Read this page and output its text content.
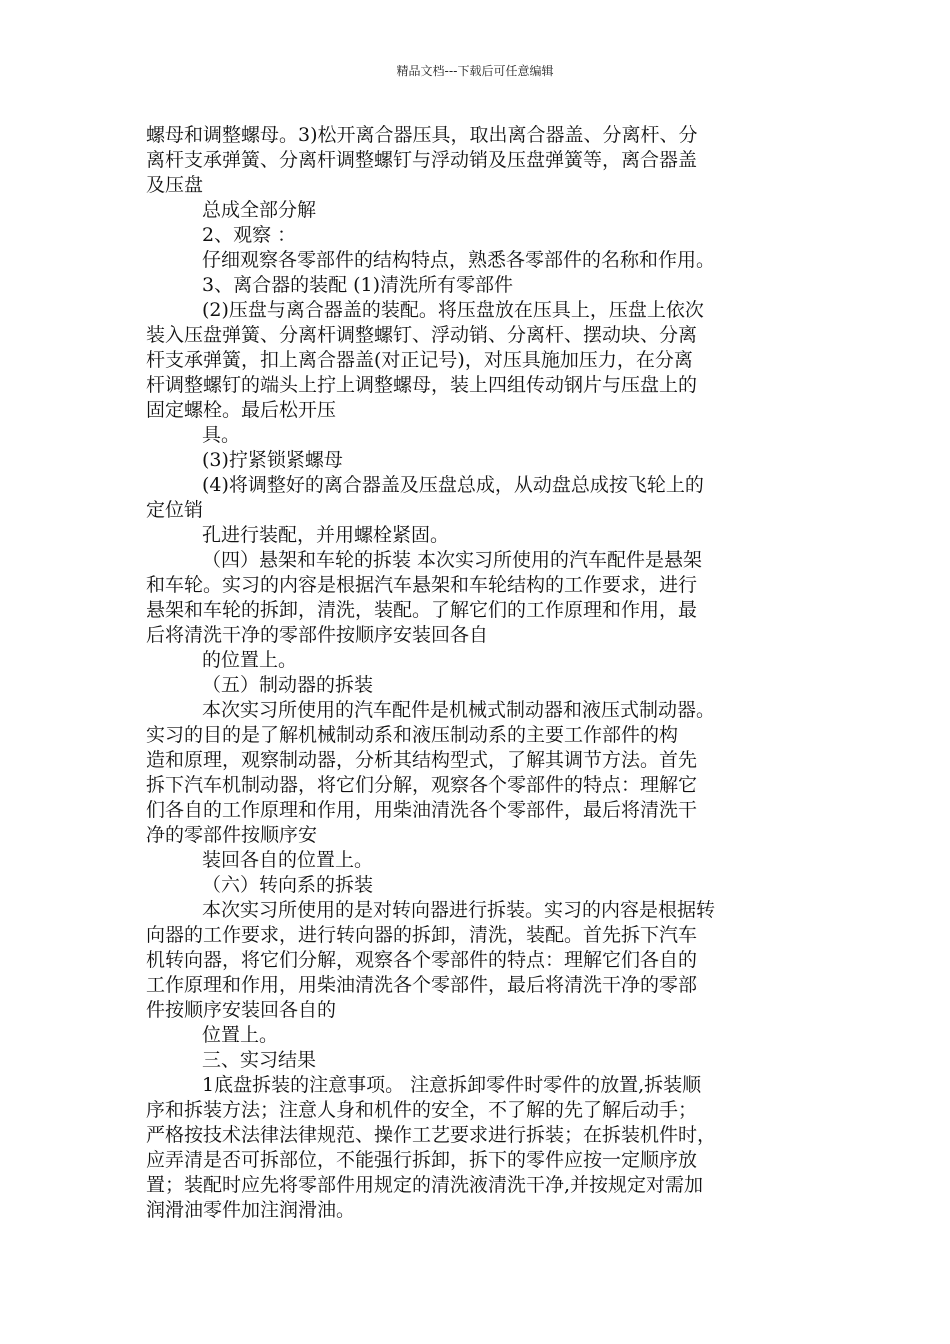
精品文档---下载后可任意编辑
螺母和调整螺母。3)松开离合器压具，取出离合器盖、分离杆、分
离杆支承弹簧、分离杆调整螺钉与浮动销及压盘弹簧等，离合器盖
及压盘
总成全部分解
2、观察 ：
仔细观察各零部件的结构特点，熟悉各零部件的名称和作用。
3、离合器的装配 (1)清洗所有零部件
(2)压盘与离合器盖的装配。将压盘放在压具上，压盘上依次
装入压盘弹簧、分离杆调整螺钉、浮动销、分离杆、摆动块、分离
杆支承弹簧，扣上离合器盖(对正记号)，对压具施加压力，在分离
杆调整螺钉的端头上拧上调整螺母，装上四组传动钢片与压盘上的
固定螺栓。最后松开压
具。
(3)拧紧锁紧螺母
(4)将调整好的离合器盖及压盘总成，从动盘总成按飞轮上的
定位销
孔进行装配，并用螺栓紧固。
（四）悬架和车轮的拆装 本次实习所使用的汽车配件是悬架
和车轮。实习的内容是根据汽车悬架和车轮结构的工作要求，进行
悬架和车轮的拆卸，清洗，装配。了解它们的工作原理和作用，最
后将清洗干净的零部件按顺序安装回各自
的位置上。
（五）制动器的拆装
本次实习所使用的汽车配件是机械式制动器和液压式制动器。
实习的目的是了解机械制动系和液压制动系的主要工作部件的构
造和原理，观察制动器，分析其结构型式，了解其调节方法。首先
拆下汽车机制动器，将它们分解，观察各个零部件的特点：理解它
们各自的工作原理和作用，用柴油清洗各个零部件，最后将清洗干
净的零部件按顺序安
装回各自的位置上。
（六）转向系的拆装
本次实习所使用的是对转向器进行拆装。实习的内容是根据转
向器的工作要求，进行转向器的拆卸，清洗，装配。首先拆下汽车
机转向器，将它们分解，观察各个零部件的特点：理解它们各自的
工作原理和作用，用柴油清洗各个零部件，最后将清洗干净的零部
件按顺序安装回各自的
位置上。
三、实习结果
1底盘拆装的注意事项。 注意拆卸零件时零件的放置,拆装顺
序和拆装方法；注意人身和机件的安全，不了解的先了解后动手；
严格按技术法律法律规范、操作工艺要求进行拆装；在拆装机件时，
应弄清是否可拆部位，不能强行拆卸，拆下的零件应按一定顺序放
置；装配时应先将零部件用规定的清洗液清洗干净,并按规定对需加
润滑油零件加注润滑油。
